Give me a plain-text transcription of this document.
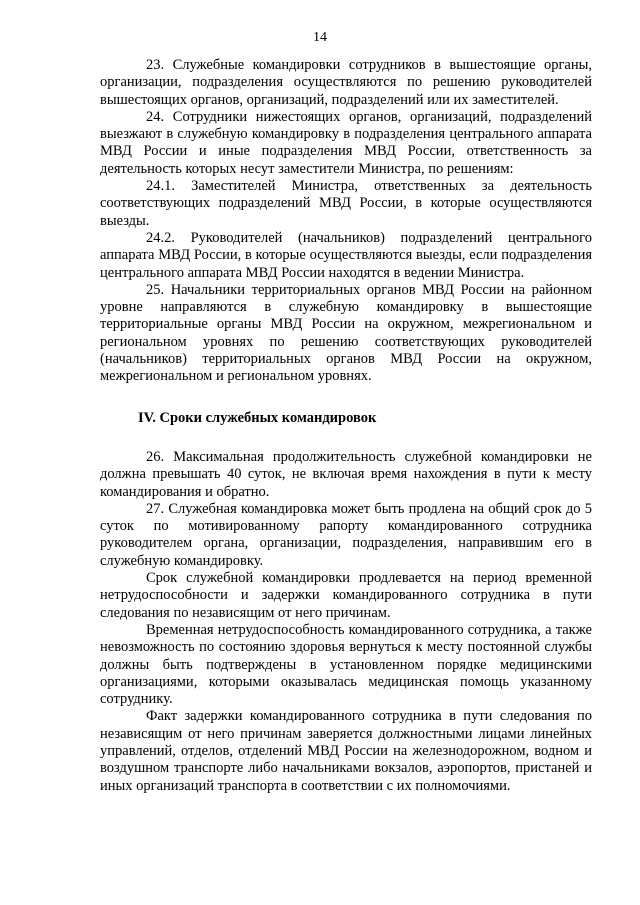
14

23. Служебные командировки сотрудников в вышестоящие органы, организации, подразделения осуществляются по решению руководителей вышестоящих органов, организаций, подразделений или их заместителей.

24. Сотрудники нижестоящих органов, организаций, подразделений выезжают в служебную командировку в подразделения центрального аппарата МВД России и иные подразделения МВД России, ответственность за деятельность которых несут заместители Министра, по решениям:

24.1. Заместителей Министра, ответственных за деятельность соответствующих подразделений МВД России, в которые осуществляются выезды.

24.2. Руководителей (начальников) подразделений центрального аппарата МВД России, в которые осуществляются выезды, если подразделения центрального аппарата МВД России находятся в ведении Министра.

25. Начальники территориальных органов МВД России на районном уровне направляются в служебную командировку в вышестоящие территориальные органы МВД России на окружном, межрегиональном и региональном уровнях по решению соответствующих руководителей (начальников) территориальных органов МВД России на окружном, межрегиональном и региональном уровнях.

IV. Сроки служебных командировок

26. Максимальная продолжительность служебной командировки не должна превышать 40 суток, не включая время нахождения в пути к месту командирования и обратно.

27. Служебная командировка может быть продлена на общий срок до 5 суток по мотивированному рапорту командированного сотрудника руководителем органа, организации, подразделения, направившим его в служебную командировку.

Срок служебной командировки продлевается на период временной нетрудоспособности и задержки командированного сотрудника в пути следования по независящим от него причинам.

Временная нетрудоспособность командированного сотрудника, а также невозможность по состоянию здоровья вернуться к месту постоянной службы должны быть подтверждены в установленном порядке медицинскими организациями, которыми оказывалась медицинская помощь указанному сотруднику.

Факт задержки командированного сотрудника в пути следования по независящим от него причинам заверяется должностными лицами линейных управлений, отделов, отделений МВД России на железнодорожном, водном и воздушном транспорте либо начальниками вокзалов, аэропортов, пристаней и иных организаций транспорта в соответствии с их полномочиями.
